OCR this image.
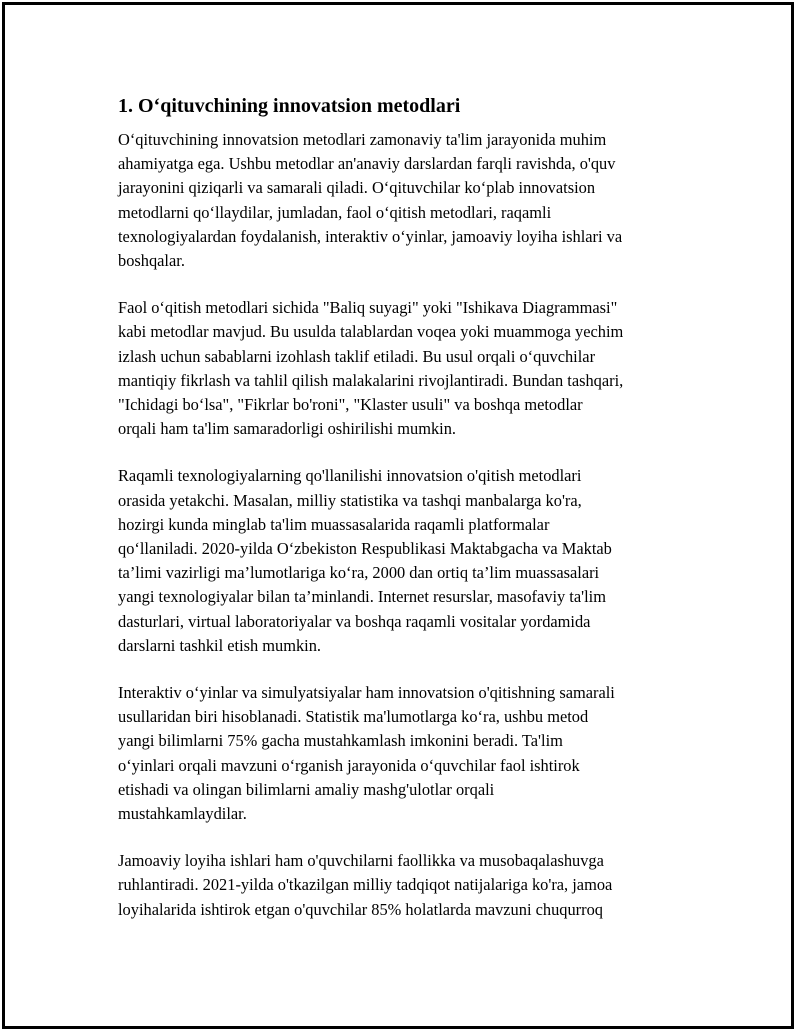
1. O‘qituvchining innovatsion metodlari
O‘qituvchining innovatsion metodlari zamonaviy ta'lim jarayonida muhim
ahamiyatga ega. Ushbu metodlar an'anaviy darslardan farqli ravishda, o'quv
jarayonini qiziqarli va samarali qiladi. O‘qituvchilar ko‘plab innovatsion
metodlarni qo‘llaydilar, jumladan, faol o‘qitish metodlari, raqamli
texnologiyalardan foydalanish, interaktiv o‘yinlar, jamoaviy loyiha ishlari va
boshqalar.
Faol o‘qitish metodlari sichida "Baliq suyagi" yoki "Ishikava Diagrammasi"
kabi metodlar mavjud. Bu usulda talablardan voqea yoki muammoga yechim
izlash uchun sabablarni izohlash taklif etiladi. Bu usul orqali o‘quvchilar
mantiqiy fikrlash va tahlil qilish malakalarini rivojlantiradi. Bundan tashqari,
"Ichidagi bo‘lsa", "Fikrlar bo'roni", "Klaster usuli" va boshqa metodlar
orqali ham ta'lim samaradorligi oshirilishi mumkin.
Raqamli texnologiyalarning qo'llanilishi innovatsion o'qitish metodlari
orasida yetakchi. Masalan, milliy statistika va tashqi manbalarga ko'ra,
hozirgi kunda minglab ta'lim muassasalarida raqamli platformalar
qo‘llaniladi. 2020-yilda O‘zbekiston Respublikasi Maktabgacha va Maktab
ta’limi vazirligi ma’lumotlariga ko‘ra, 2000 dan ortiq ta’lim muassasalari
yangi texnologiyalar bilan ta’minlandi. Internet resurslar, masofaviy ta'lim
dasturlari, virtual laboratoriyalar va boshqa raqamli vositalar yordamida
darslarni tashkil etish mumkin.
Interaktiv o‘yinlar va simulyatsiyalar ham innovatsion o'qitishning samarali
usullaridan biri hisoblanadi. Statistik ma'lumotlarga ko‘ra, ushbu metod
yangi bilimlarni 75% gacha mustahkamlash imkonini beradi. Ta'lim
o‘yinlari orqali mavzuni o‘rganish jarayonida o‘quvchilar faol ishtirok
etishadi va olingan bilimlarni amaliy mashg'ulotlar orqali
mustahkamlaydilar.
Jamoaviy loyiha ishlari ham o'quvchilarni faollikka va musobaqalashuvga
ruhlantiradi. 2021-yilda o'tkazilgan milliy tadqiqot natijalariga ko'ra, jamoa
loyihalarida ishtirok etgan o'quvchilar 85% holatlarda mavzuni chuqurroq
